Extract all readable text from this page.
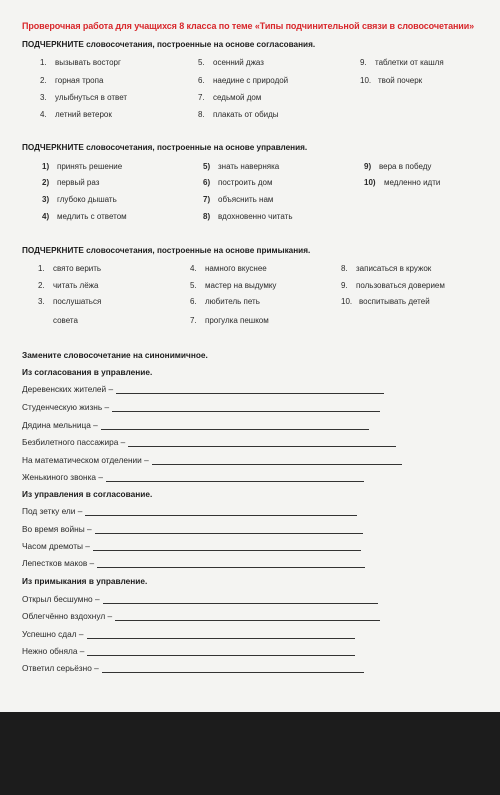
Проверочная работа для учащихся 8 класса по теме «Типы подчинительной связи в словосочетании»
ПОДЧЕРКНИТЕ словосочетания, построенные на основе согласования.
1. вызывать восторг
2. горная тропа
3. улыбнуться в ответ
4. летний ветерок
5. осенний джаз
6. наедине с природой
7. седьмой дом
8. плакать от обиды
9. таблетки от кашля
10. твой почерк
ПОДЧЕРКНИТЕ словосочетания, построенные на основе управления.
1) принять решение
2) первый раз
3) глубоко дышать
4) медлить с ответом
5) знать наверняка
6) построить дом
7) объяснить нам
8) вдохновенно читать
9) вера в победу
10) медленно идти
ПОДЧЕРКНИТЕ словосочетания, построенные на основе примыкания.
1. свято верить
2. читать лёжа
3. послушаться
совета
4. намного вкуснее
5. мастер на выдумку
6. любитель петь
7. прогулка пешком
8. записаться в кружок
9. пользоваться доверием
10. воспитывать детей
Замените словосочетание на синонимичное.
Из согласования в управление.
Деревенских жителей –
Студенческую жизнь –
Дядина мельница –
Безбилетного пассажира –
На математическом отделении –
Женькиного звонка –
Из управления в согласование.
Под зетку ели –
Во время войны –
Часом дремоты –
Лепестков маков –
Из примыкания в управление.
Открыл бесшумно –
Облегчённо вздохнул –
Успешно сдал –
Нежно обняла –
Ответил серьёзно –
